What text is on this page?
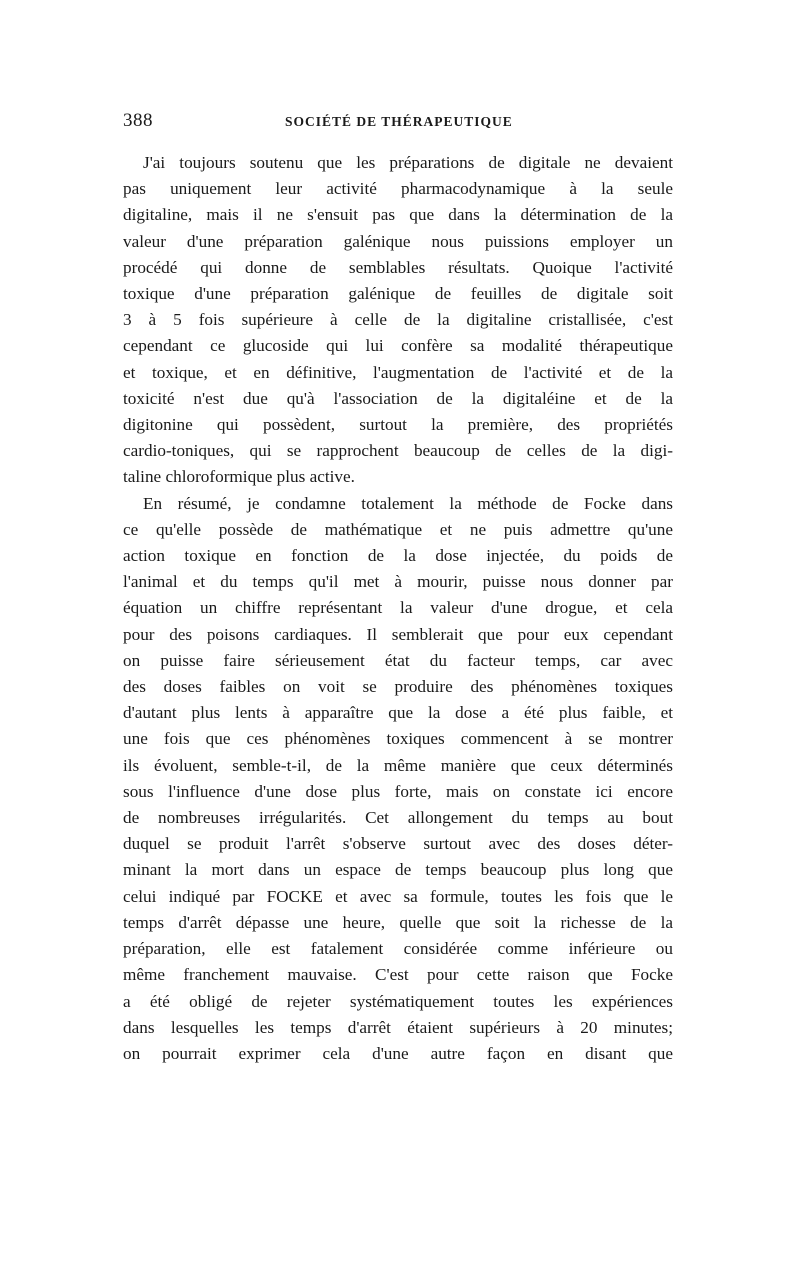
388	SOCIÉTÉ DE THÉRAPEUTIQUE
J'ai toujours soutenu que les préparations de digitale ne devaient
pas uniquement leur activité pharmacodynamique à la seule
digitaline, mais il ne s'ensuit pas que dans la détermination de la
valeur d'une préparation galénique nous puissions employer un
procédé qui donne de semblables résultats. Quoique l'activité
toxique d'une préparation galénique de feuilles de digitale soit
3 à 5 fois supérieure à celle de la digitaline cristallisée, c'est
cependant ce glucoside qui lui confère sa modalité thérapeutique
et toxique, et en définitive, l'augmentation de l'activité et de la
toxicité n'est due qu'à l'association de la digitaléine et de la
digitonine qui possèdent, surtout la première, des propriétés
cardio-toniques, qui se rapprochent beaucoup de celles de la digi-
taline chloroformique plus active.
En résumé, je condamne totalement la méthode de Focke dans
ce qu'elle possède de mathématique et ne puis admettre qu'une
action toxique en fonction de la dose injectée, du poids de
l'animal et du temps qu'il met à mourir, puisse nous donner par
équation un chiffre représentant la valeur d'une drogue, et cela
pour des poisons cardiaques. Il semblerait que pour eux cependant
on puisse faire sérieusement état du facteur temps, car avec
des doses faibles on voit se produire des phénomènes toxiques
d'autant plus lents à apparaître que la dose a été plus faible, et
une fois que ces phénomènes toxiques commencent à se montrer
ils évoluent, semble-t-il, de la même manière que ceux déterminés
sous l'influence d'une dose plus forte, mais on constate ici encore
de nombreuses irrégularités. Cet allongement du temps au bout
duquel se produit l'arrêt s'observe surtout avec des doses déter-
minant la mort dans un espace de temps beaucoup plus long que
celui indiqué par FOCKE et avec sa formule, toutes les fois que le
temps d'arrêt dépasse une heure, quelle que soit la richesse de la
préparation, elle est fatalement considérée comme inférieure ou
même franchement mauvaise. C'est pour cette raison que Focke
a été obligé de rejeter systématiquement toutes les expériences
dans lesquelles les temps d'arrêt étaient supérieurs à 20 minutes;
on pourrait exprimer cela d'une autre façon en disant que
